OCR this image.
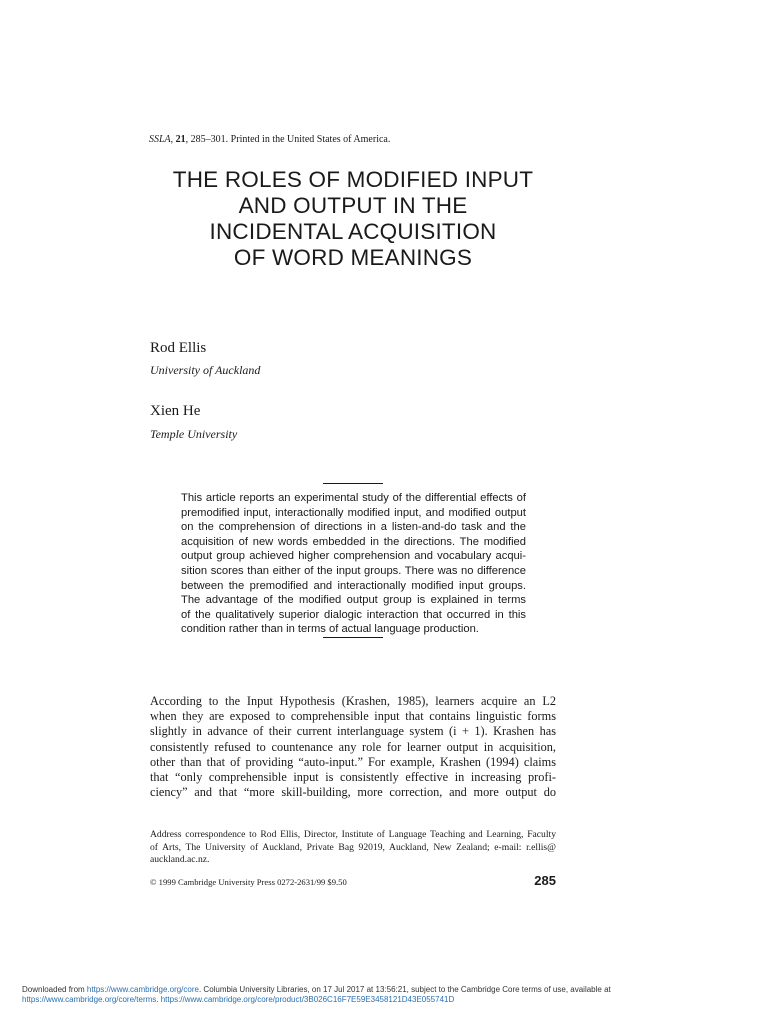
SSLA, 21, 285–301. Printed in the United States of America.
THE ROLES OF MODIFIED INPUT
AND OUTPUT IN THE
INCIDENTAL ACQUISITION
OF WORD MEANINGS
Rod Ellis
University of Auckland
Xien He
Temple University
This article reports an experimental study of the differential effects of
premodified input, interactionally modified input, and modified output
on the comprehension of directions in a listen-and-do task and the
acquisition of new words embedded in the directions. The modified
output group achieved higher comprehension and vocabulary acqui-
sition scores than either of the input groups. There was no difference
between the premodified and interactionally modified input groups.
The advantage of the modified output group is explained in terms
of the qualitatively superior dialogic interaction that occurred in this
condition rather than in terms of actual language production.
According to the Input Hypothesis (Krashen, 1985), learners acquire an L2
when they are exposed to comprehensible input that contains linguistic forms
slightly in advance of their current interlanguage system (i + 1). Krashen has
consistently refused to countenance any role for learner output in acquisition,
other than that of providing “auto-input.” For example, Krashen (1994) claims
that “only comprehensible input is consistently effective in increasing profi-
ciency” and that “more skill-building, more correction, and more output do
Address correspondence to Rod Ellis, Director, Institute of Language Teaching and Learning, Faculty
of Arts, The University of Auckland, Private Bag 92019, Auckland, New Zealand; e-mail: r.ellis@
auckland.ac.nz.
© 1999 Cambridge University Press 0272-2631/99 $9.50	285
Downloaded from https://www.cambridge.org/core. Columbia University Libraries, on 17 Jul 2017 at 13:56:21, subject to the Cambridge Core terms of use, available at
https://www.cambridge.org/core/terms. https://www.cambridge.org/core/product/3B026C16F7E59E3458121D43E055741D
